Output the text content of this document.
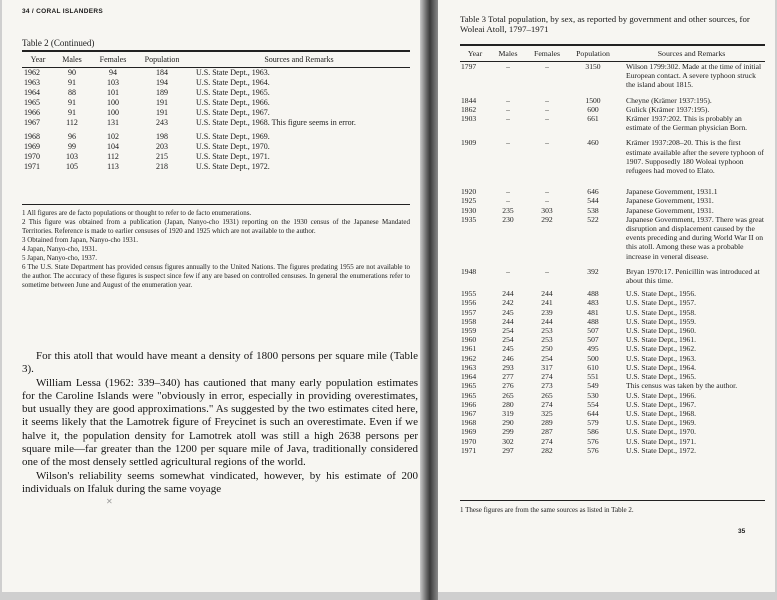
34 / CORAL ISLANDERS
Table 2 (Continued)
Year	Males	Females	Population	Sources and Remarks
1962	90	94	184	U.S. State Dept., 1963.
1963	91	103	194	U.S. State Dept., 1964.
1964	88	101	189	U.S. State Dept., 1965.
1965	91	100	191	U.S. State Dept., 1966.
1966	91	100	191	U.S. State Dept., 1967.
1967	112	131	243	U.S. State Dept., 1968. This figure seems in error.
1968	96	102	198	U.S. State Dept., 1969.
1969	99	104	203	U.S. State Dept., 1970.
1970	103	112	215	U.S. State Dept., 1971.
1971	105	113	218	U.S. State Dept., 1972.
1 All figures are de facto populations or thought to refer to de facto enumerations.
2 This figure was obtained from a publication (Japan, Nanyo-cho 1931) reporting on the 1930 census of the Japanese Mandated Territories. Reference is made to earlier censuses of 1920 and 1925 which are not available to the author.
3 Obtained from Japan, Nanyo-cho 1931.
4 Japan, Nanyo-cho, 1931.
5 Japan, Nanyo-cho, 1937.
6 The U.S. State Department has provided census figures annually to the United Nations. The figures predating 1955 are not available to the author. The accuracy of these figures is suspect since few if any are based on controlled censuses. In general the enumerations refer to sometime between June and August of the enumeration year.

For this atoll that would have meant a density of 1800 persons per square mile (Table 3).

William Lessa (1962: 339–340) has cautioned that many early population estimates for the Caroline Islands were "obviously in error, especially in providing overestimates, but usually they are good approximations." As suggested by the two estimates cited here, it seems likely that the Lamotrek figure of Freycinet is such an overestimate. Even if we halve it, the population density for Lamotrek atoll was still a high 2638 persons per square mile—far greater than the 1200 per square mile of Java, traditionally considered one of the most densely settled agricultural regions of the world.

Wilson's reliability seems somewhat vindicated, however, by his estimate of 200 individuals on Ifaluk during the same voyage

✕
Table 3 Total population, by sex, as reported by government and other sources, for Woleai Atoll, 1797–1971
Year	Males	Females	Population	Sources and Remarks
1797	–	–	3150	Wilson 1799:302. Made at the time of initial European contact. A severe typhoon struck the island about 1815.
1844	–	–	1500	Cheyne (Krämer 1937:195).
1862	–	–	600	Gulick (Krämer 1937:195).
1903	–	–	661	Krämer 1937:202. This is probably an estimate of the German physician Born.
1909	–	–	460	Krämer 1937:208–20. This is the first estimate available after the severe typhoon of 1907. Supposedly 180 Woleai typhoon refugees had moved to Elato.
1920	–	–	646	Japanese Government, 1931.1
1925	–	–	544	Japanese Government, 1931.
1930	235	303	538	Japanese Government, 1931.
1935	230	292	522	Japanese Government, 1937. There was great disruption and displacement caused by the events preceding and during World War II on this atoll. Among these was a probable increase in veneral disease.
1948	–	–	392	Bryan 1970:17. Penicillin was introduced at about this time.
1955	244	244	488	U.S. State Dept., 1956.
1956	242	241	483	U.S. State Dept., 1957.
1957	245	239	481	U.S. State Dept., 1958.
1958	244	244	488	U.S. State Dept., 1959.
1959	254	253	507	U.S. State Dept., 1960.
1960	254	253	507	U.S. State Dept., 1961.
1961	245	250	495	U.S. State Dept., 1962.
1962	246	254	500	U.S. State Dept., 1963.
1963	293	317	610	U.S. State Dept., 1964.
1964	277	274	551	U.S. State Dept., 1965.
1965	276	273	549	This census was taken by the author.
1965	265	265	530	U.S. State Dept., 1966.
1966	280	274	554	U.S. State Dept., 1967.
1967	319	325	644	U.S. State Dept., 1968.
1968	290	289	579	U.S. State Dept., 1969.
1969	299	287	586	U.S. State Dept., 1970.
1970	302	274	576	U.S. State Dept., 1971.
1971	297	282	576	U.S. State Dept., 1972.
1 These figures are from the same sources as listed in Table 2.
35
